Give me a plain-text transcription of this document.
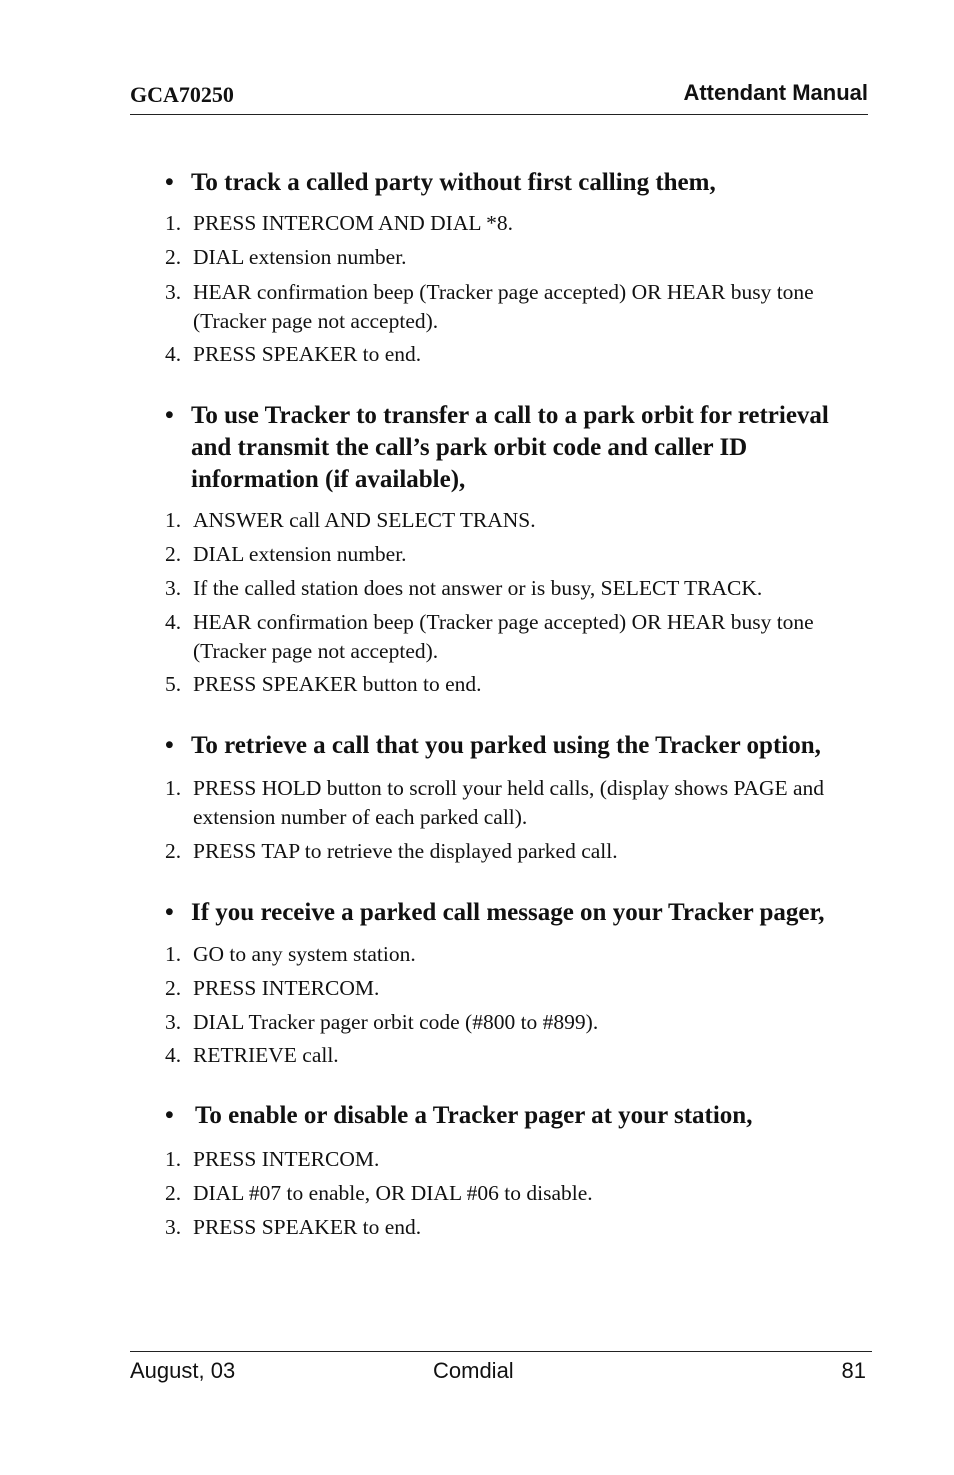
GCA70250	Attendant Manual
• To track a called party without first calling them,
1. PRESS INTERCOM AND DIAL *8.
2. DIAL extension number.
3. HEAR confirmation beep (Tracker page accepted) OR HEAR busy tone (Tracker page not accepted).
4. PRESS SPEAKER to end.
• To use Tracker to transfer a call to a park orbit for retrieval and transmit the call’s park orbit code and caller ID information (if available),
1. ANSWER call AND SELECT TRANS.
2. DIAL extension number.
3. If the called station does not answer or is busy, SELECT TRACK.
4. HEAR confirmation beep (Tracker page accepted) OR HEAR busy tone (Tracker page not accepted).
5. PRESS SPEAKER button to end.
• To retrieve a call that you parked using the Tracker option,
1. PRESS HOLD button to scroll your held calls, (display shows PAGE and extension number of each parked call).
2. PRESS TAP to retrieve the displayed parked call.
• If you receive a parked call message on your Tracker pager,
1. GO to any system station.
2. PRESS INTERCOM.
3. DIAL Tracker pager orbit code (#800 to #899).
4. RETRIEVE call.
• To enable or disable a Tracker pager at your station,
1. PRESS INTERCOM.
2. DIAL #07 to enable, OR DIAL #06 to disable.
3. PRESS SPEAKER to end.
August, 03	Comdial	81
